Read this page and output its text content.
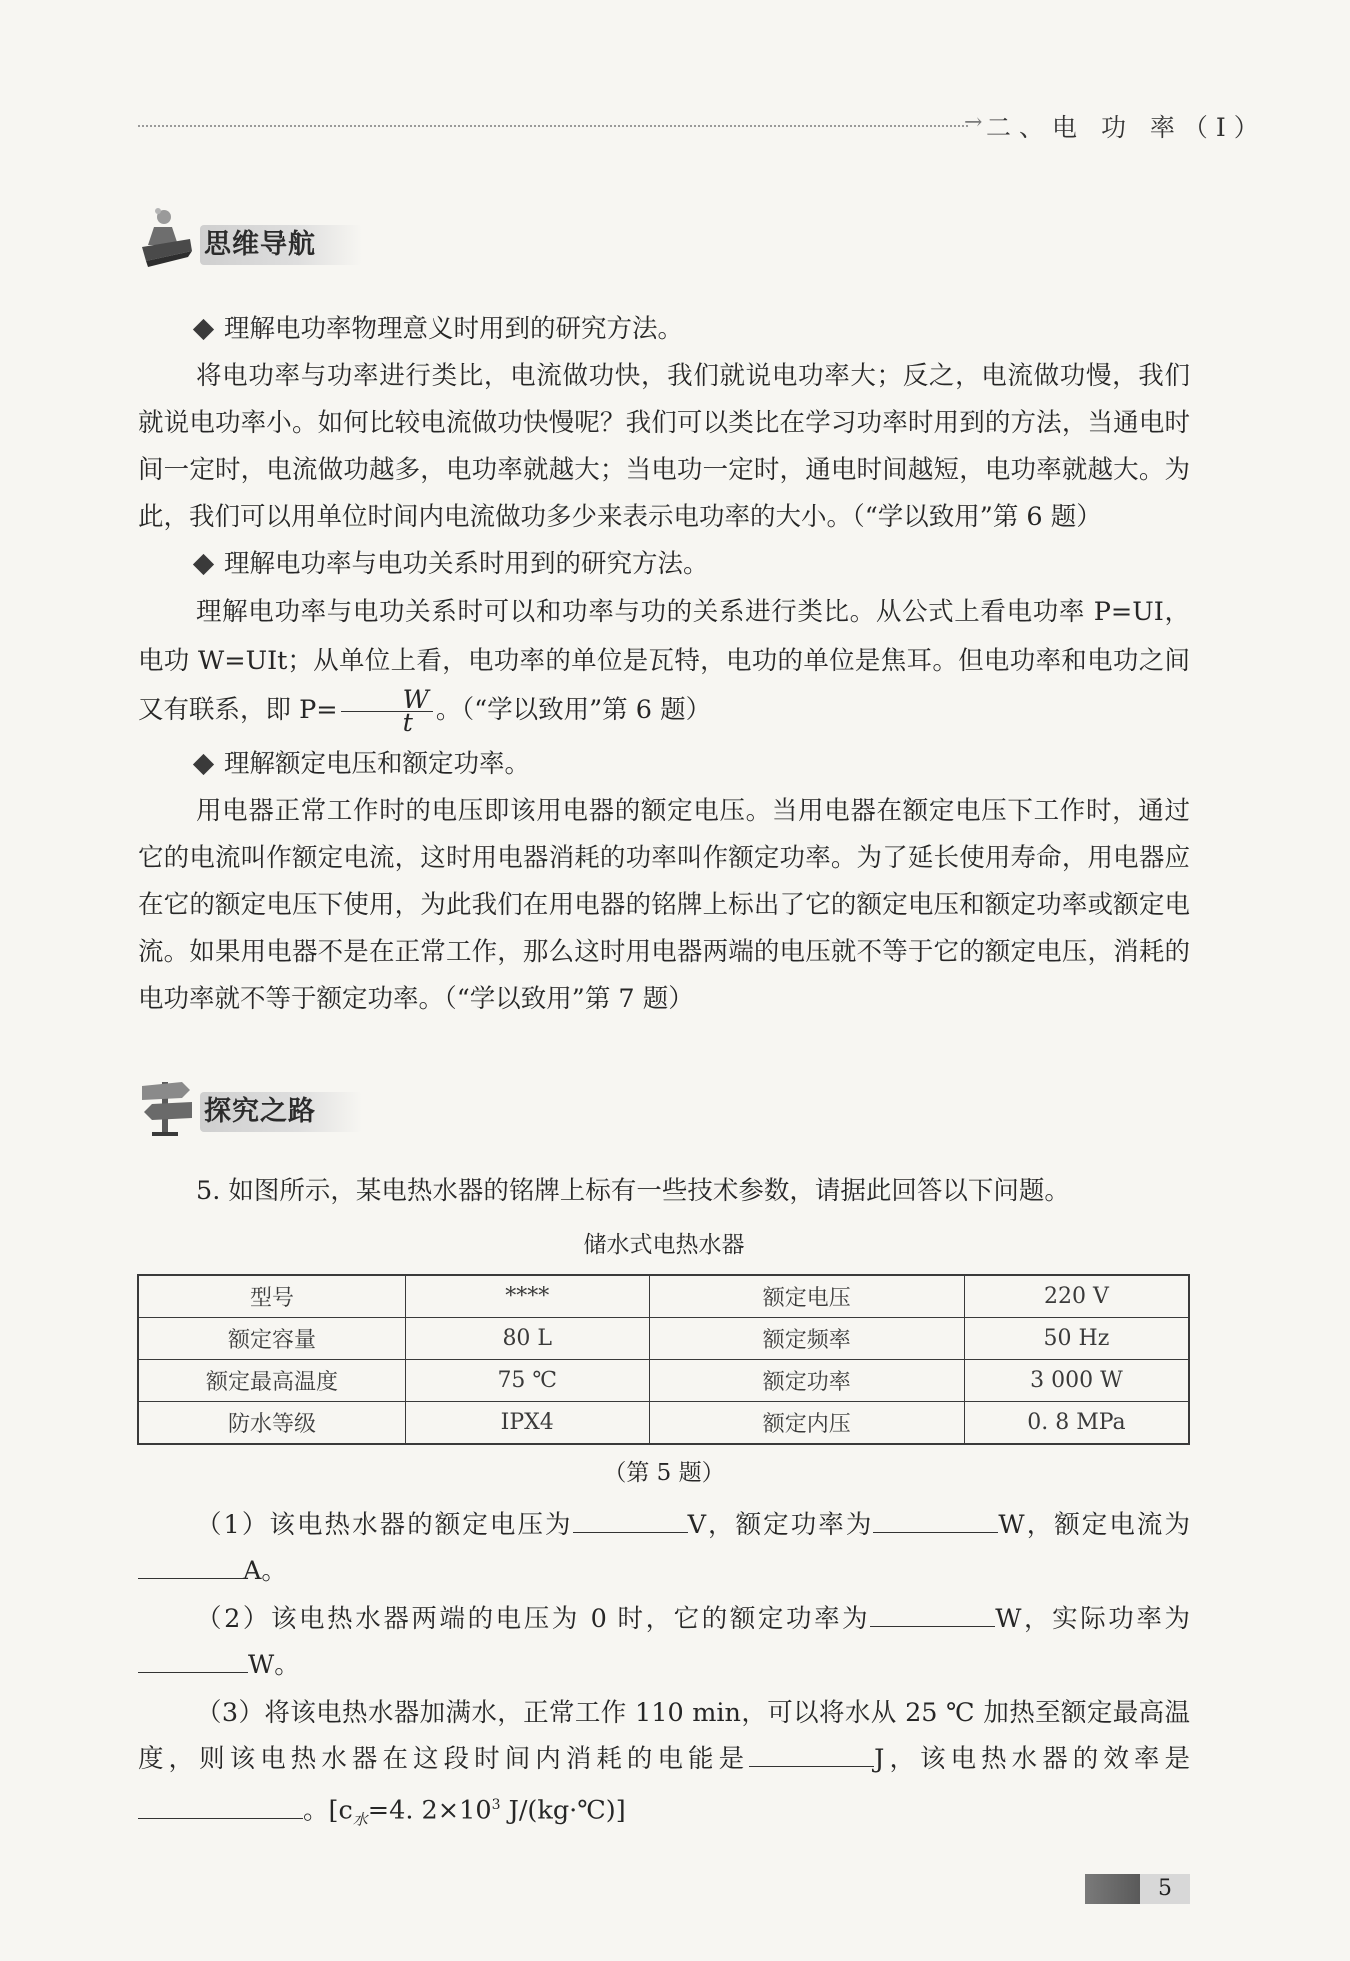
→ 二、电 功 率（Ⅰ）
思维导航

理解电功率物理意义时用到的研究方法。

将电功率与功率进行类比，电流做功快，我们就说电功率大；反之，电流做功慢，我们就说电功率小。如何比较电流做功快慢呢？我们可以类比在学习功率时用到的方法，当通电时间一定时，电流做功越多，电功率就越大；当电功一定时，通电时间越短，电功率就越大。为此，我们可以用单位时间内电流做功多少来表示电功率的大小。（“学以致用”第 6 题）

理解电功率与电功关系时用到的研究方法。

理解电功率与电功关系时可以和功率与功的关系进行类比。从公式上看电功率 P=UI，电功 W=UIt；从单位上看，电功率的单位是瓦特，电功的单位是焦耳。但电功率和电功之间又有联系，即 $P= \frac{W}{t}$ 。（“学以致用”第 6 题）

理解额定电压和额定功率。

用电器正常工作时的电压即该用电器的额定电压。当用电器在额定电压下工作时，通过它的电流叫作额定电流，这时用电器消耗的功率叫作额定功率。为了延长使用寿命，用电器应在它的额定电压下使用，为此我们在用电器的铭牌上标出了它的额定电压和额定功率或额定电流。如果用电器不是在正常工作，那么这时用电器两端的电压就不等于它的额定电压，消耗的电功率就不等于额定功率。（“学以致用”第 7 题）

探究之路

5. 如图所示，某电热水器的铭牌上标有一些技术参数，请据此回答以下问题。

储水式电热水器
型号	****	额定电压	220 V
额定容量	80 L	额定频率	50 Hz
额定最高温度	75 ℃	额定功率	3 000 W
防水等级	IPX4	额定内压	0. 8 MPa
（第 5 题）

（1）该电热水器的额定电压为	V，额定功率为	W，额定电流为A。

（2）该电热水器两端的电压为 0 时，它的额定功率为	W，实际功率为W。

（3）将该电热水器加满水，正常工作 110 min，可以将水从 25 ℃ 加热至额定最高温度，则该电热水器在这段时间内消耗的电能是	J，该电热水器的效率是。[$c_水=4$. $2\times 10^3$ J/(kg·℃)]

5
